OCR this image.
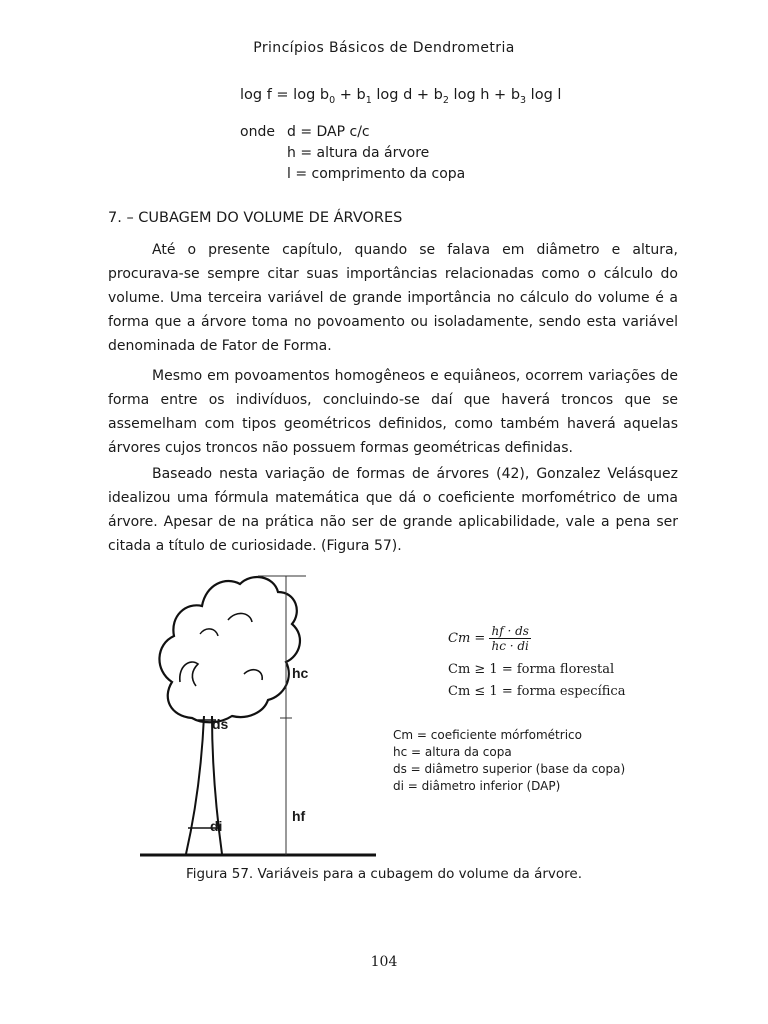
Princípios Básicos de Dendrometria
$\log f = \log b_0 + b_1$ $\log d + b_2$ $\log h + b_3$ log l
onde d = DAP c/c
h = altura da árvore
l = comprimento da copa
7. – CUBAGEM DO VOLUME DE ÁRVORES

Até o presente capítulo, quando se falava em diâmetro e altura, procurava-se sempre citar suas importâncias relacionadas como o cálculo do volume. Uma terceira variável de grande importância no cálculo do volume é a forma que a árvore toma no povoamento ou isoladamente, sendo esta variável denominada de Fator de Forma.

Mesmo em povoamentos homogêneos e equiâneos, ocorrem variações de forma entre os indivíduos, concluindo-se daí que haverá troncos que se assemelham com tipos geométricos definidos, como também haverá aquelas árvores cujos troncos não possuem formas geométricas definidas.

Baseado nesta variação de formas de árvores (42), Gonzalez Velásquez idealizou uma fórmula matemática que dá o coeficiente morfométrico de uma árvore. Apesar de na prática não ser de grande aplicabilidade, vale a pena ser citada a título de curiosidade. (Figura 57).

hc
ds
hf
di
$Cm = \frac{hf \cdot ds}{hc \cdot di}$
Cm ≥ 1 = forma florestal
Cm ≤ 1 = forma específica
Cm = coeficiente mórfométrico
hc = altura da copa
ds = diâmetro superior (base da copa)
di = diâmetro inferior (DAP)
Figura 57. Variáveis para a cubagem do volume da árvore.
104
